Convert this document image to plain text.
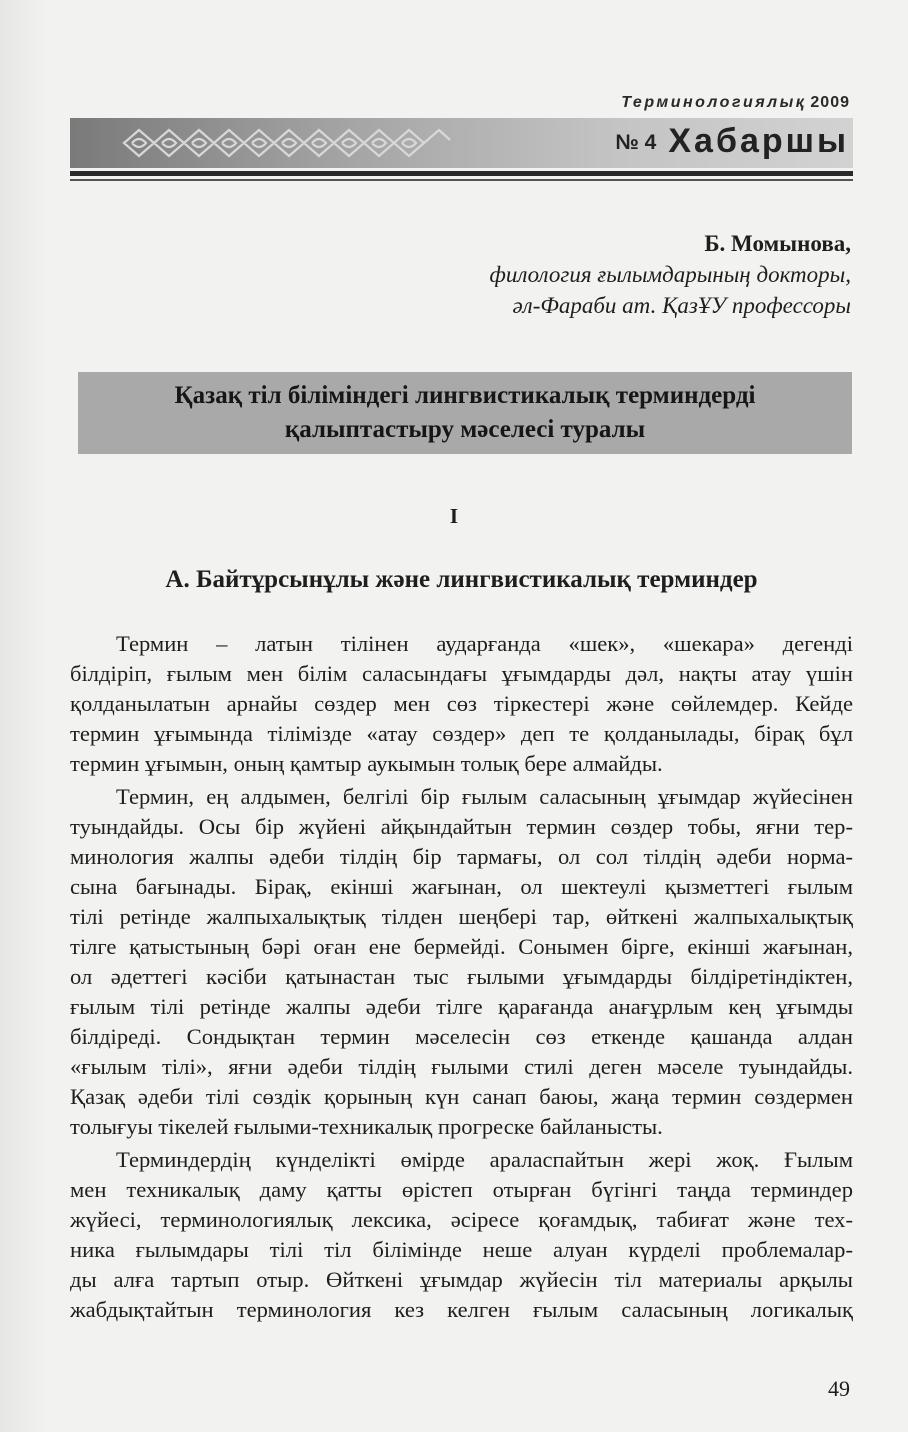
Терминологиялық 2009
№ 4 Хабаршы
Б. Момынова,
филология ғылымдарының докторы,
әл-Фараби ат. ҚазҰУ профессоры
Қазақ тіл біліміндегі лингвистикалық терминдерді
қалыптастыру мәселесі туралы
I
А. Байтұрсынұлы және лингвистикалық терминдер
Термин – латын тілінен аударғанда «шек», «шекара» дегенді
білдіріп, ғылым мен білім саласындағы ұғымдарды дәл, нақты атау үшін
қолданылатын арнайы сөздер мен сөз тіркестері және сөйлемдер. Кейде
термин ұғымында тілімізде «атау сөздер» деп те қолданылады, бірақ бұл
термин ұғымын, оның қамтыр аукымын толық бере алмайды.
Термин, ең алдымен, белгілі бір ғылым саласының ұғымдар жүйесінен
туындайды. Осы бір жүйені айқындайтын термин сөздер тобы, яғни тер-
минология жалпы әдеби тілдің бір тармағы, ол сол тілдің әдеби норма-
сына бағынады. Бірақ, екінші жағынан, ол шектеулі қызметтегі ғылым
тілі ретінде жалпыхалықтық тілден шеңбері тар, өйткені жалпыхалықтық
тілге қатыстының бәрі оған ене бермейді. Сонымен бірге, екінші жағынан,
ол әдеттегі кәсіби қатынастан тыс ғылыми ұғымдарды білдіретіндіктен,
ғылым тілі ретінде жалпы әдеби тілге қарағанда анағұрлым кең ұғымды
білдіреді. Сондықтан термин мәселесін сөз еткенде қашанда алдан
«ғылым тілі», яғни әдеби тілдің ғылыми стилі деген мәселе туындайды.
Қазақ әдеби тілі сөздік қорының күн санап баюы, жаңа термин сөздермен
толығуы тікелей ғылыми-техникалық прогреске байланысты.
Терминдердің күнделікті өмірде араласпайтын жері жоқ. Ғылым
мен техникалық даму қатты өрістеп отырған бүгінгі таңда терминдер
жүйесі, терминологиялық лексика, әсіресе қоғамдық, табиғат және тех-
ника ғылымдары тілі тіл білімінде неше алуан күрделі проблемалар-
ды алға тартып отыр. Өйткені ұғымдар жүйесін тіл материалы арқылы
жабдықтайтын терминология кез келген ғылым саласының логикалық
49
